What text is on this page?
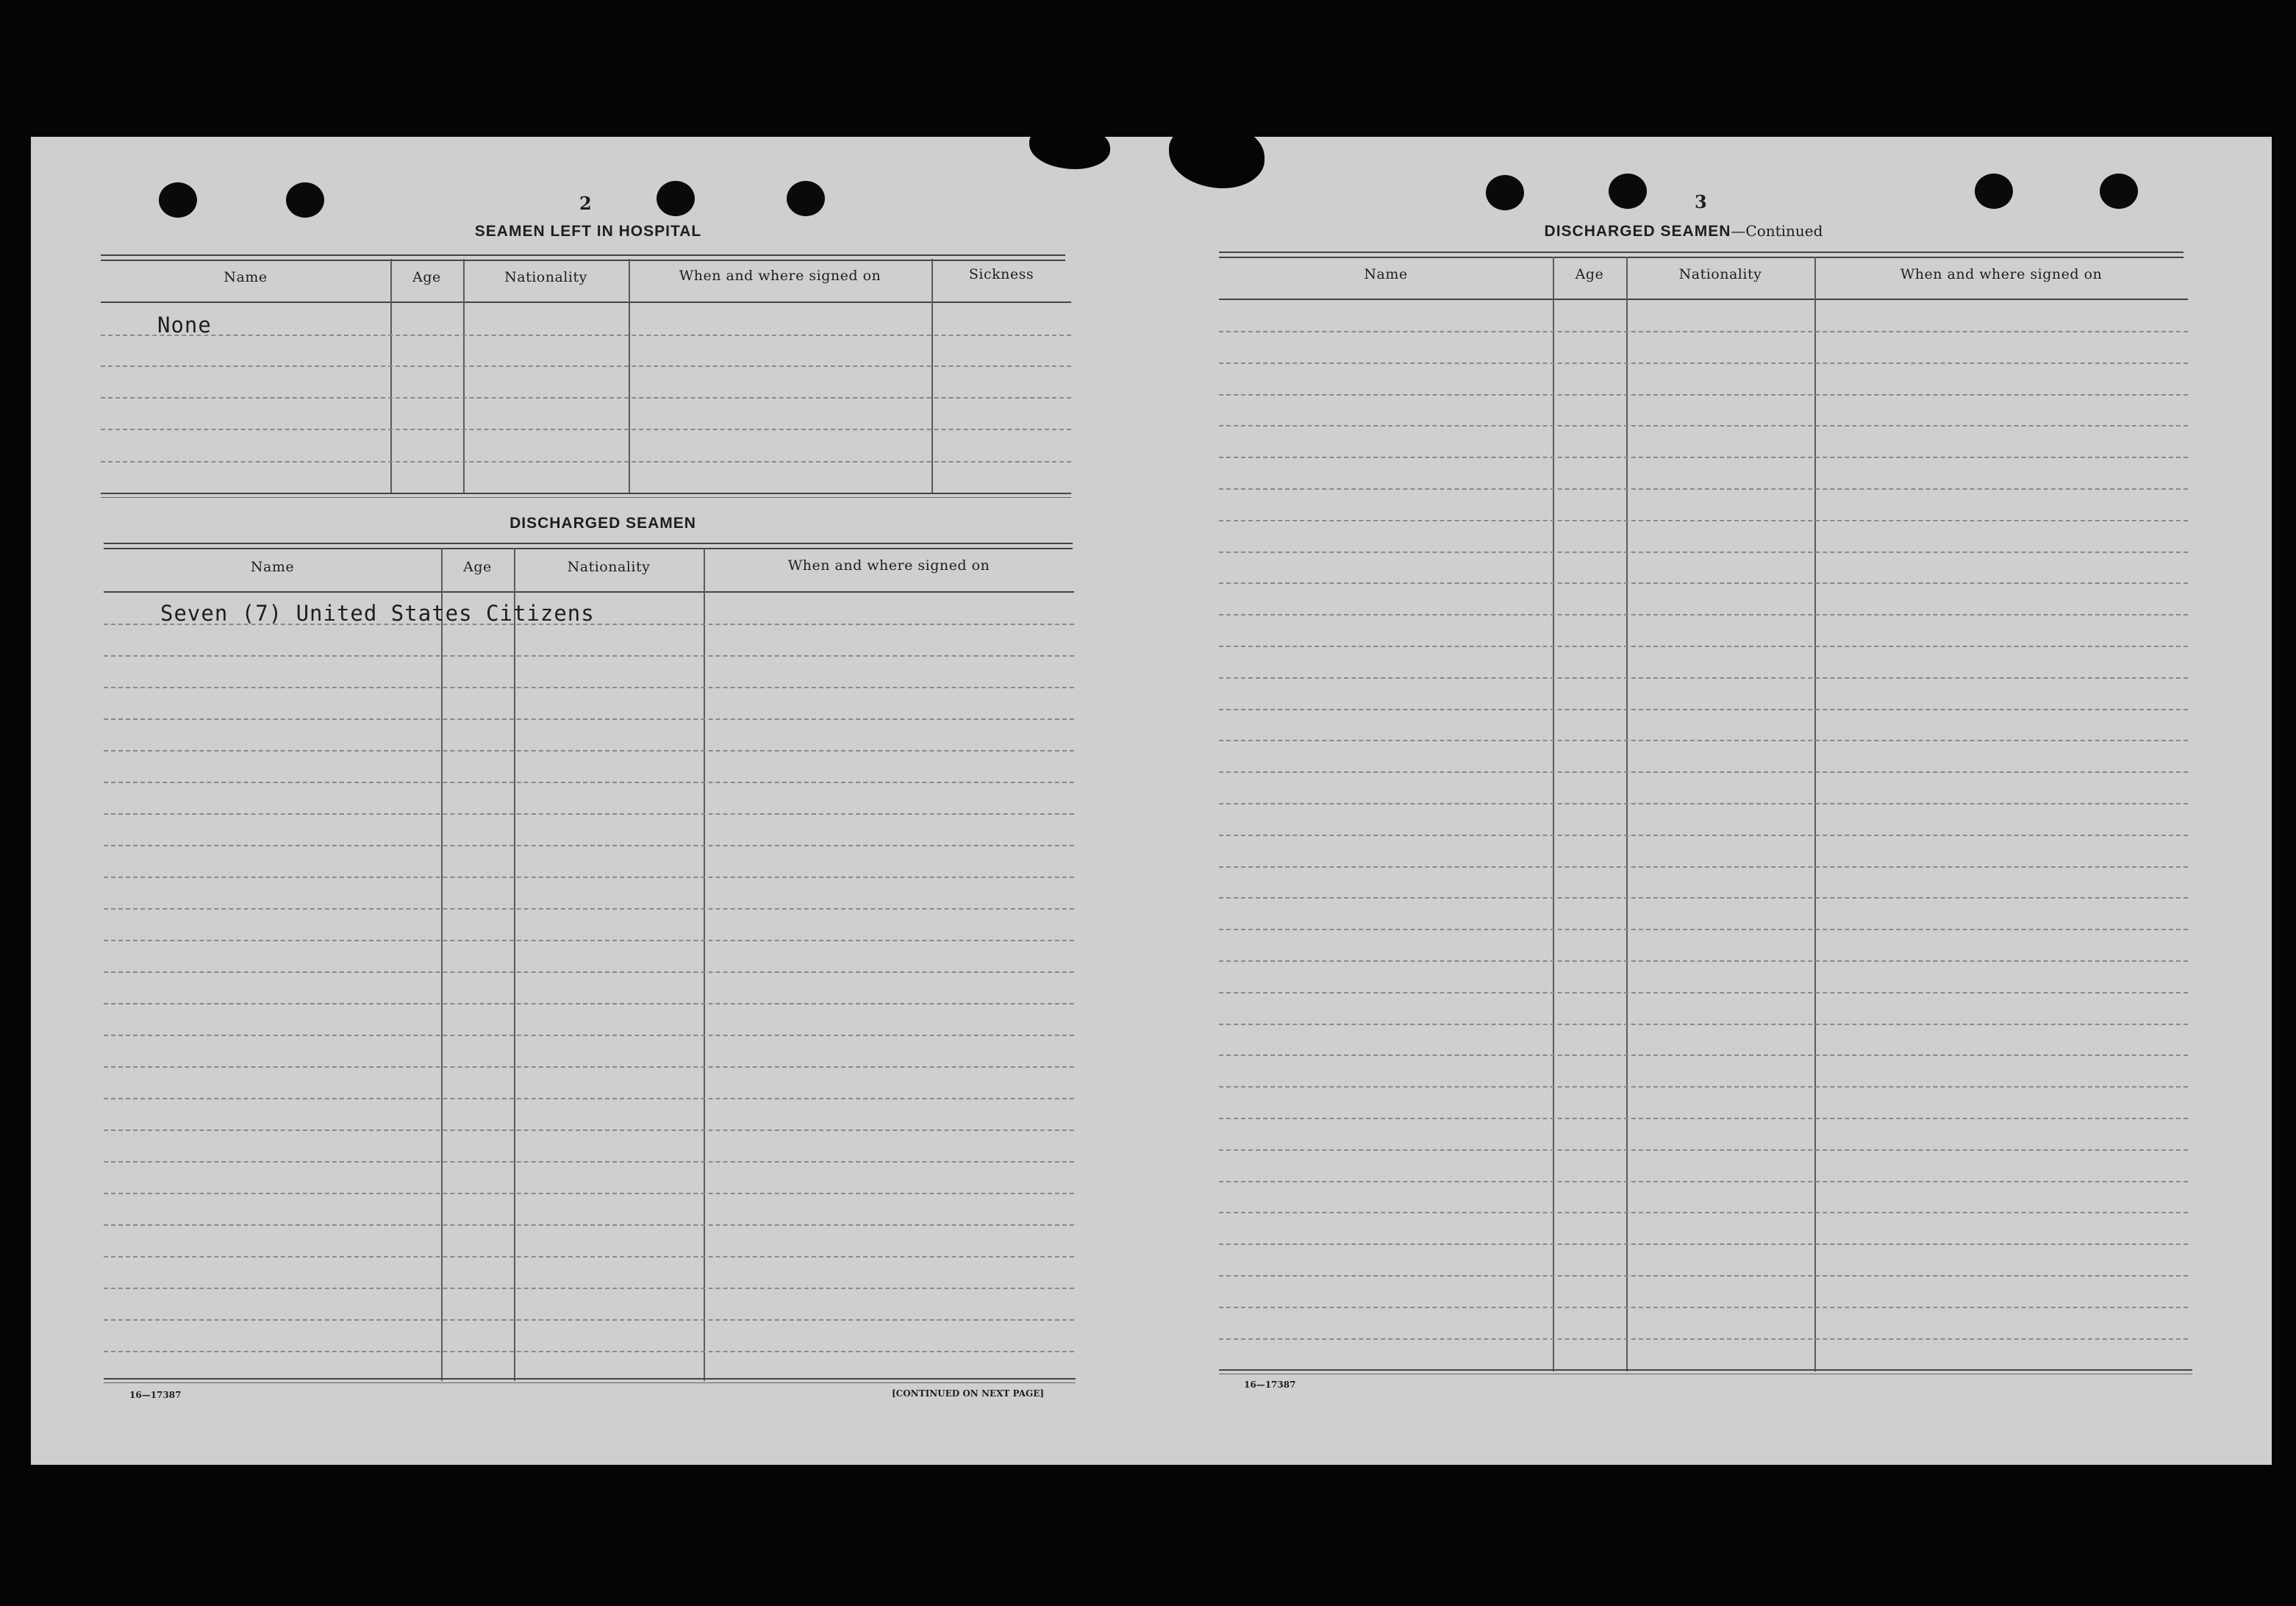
2
SEAMEN LEFT IN HOSPITAL
Name	Age	Nationality	When and where signed on	Sickness
None
DISCHARGED SEAMEN
Name	Age	Nationality	When and where signed on
Seven (7) United States Citizens
16—17387	[CONTINUED ON NEXT PAGE]
3
DISCHARGED SEAMEN—Continued
Name	Age	Nationality	When and where signed on
16—17387
